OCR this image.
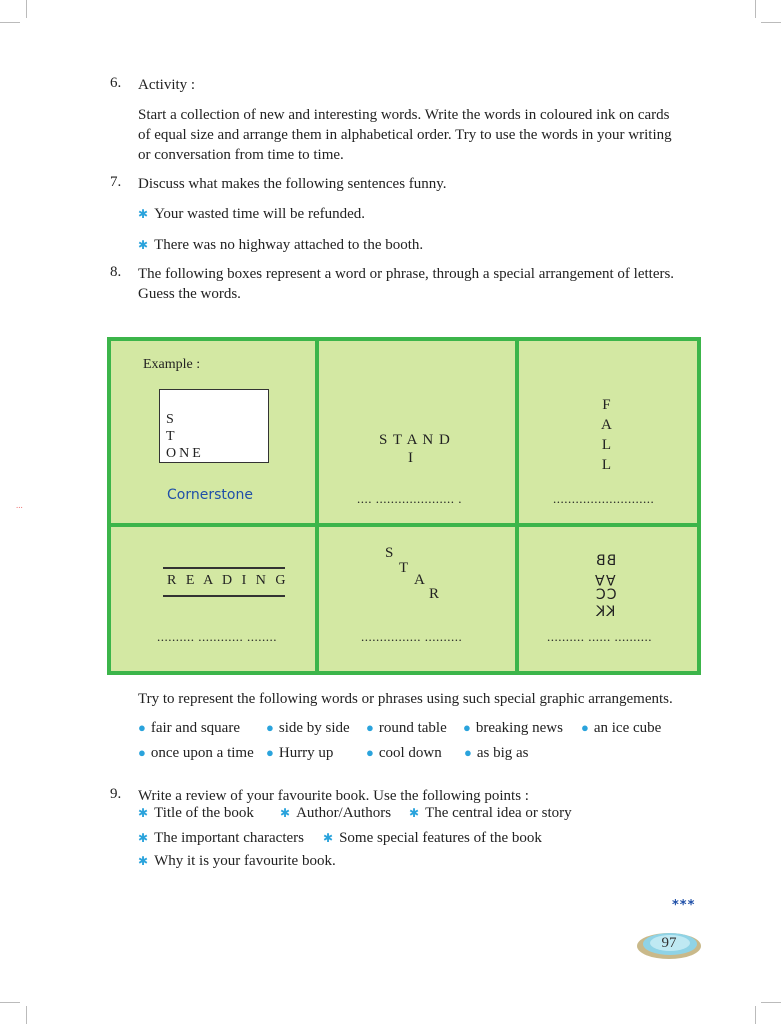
6. Activity :
Start a collection of new and interesting words. Write the words in coloured ink on cards
of equal size and arrange them in alphabetical order. Try to use the words in your writing
or conversation from time to time.
7. Discuss what makes the following sentences funny.
✱ Your wasted time will be refunded.
✱ There was no highway attached to the booth.
8. The following boxes represent a word or phrase, through a special arrangement of letters.
Guess the words.
...
Example :
S
T
ONE
Cornerstone
S T A N D
I
.... ..................... .
F
A
L
L
...........................
R E A D I N G
.......... ............ ........
S
T
A
R
................ ..........
BB
AA
CC
KK
.......... ...... ..........
Try to represent the following words or phrases using such special graphic arrangements.
● fair and square ● side by side ● round table ● breaking news ● an ice cube
● once upon a time ● Hurry up	● cool down ● as big as
9. Write a review of your favourite book. Use the following points :
✱ Title of the book ✱ Author/Authors ✱ The central idea or story
✱ The important characters ✱ Some special features of the book
✱ Why it is your favourite book.
***
97
